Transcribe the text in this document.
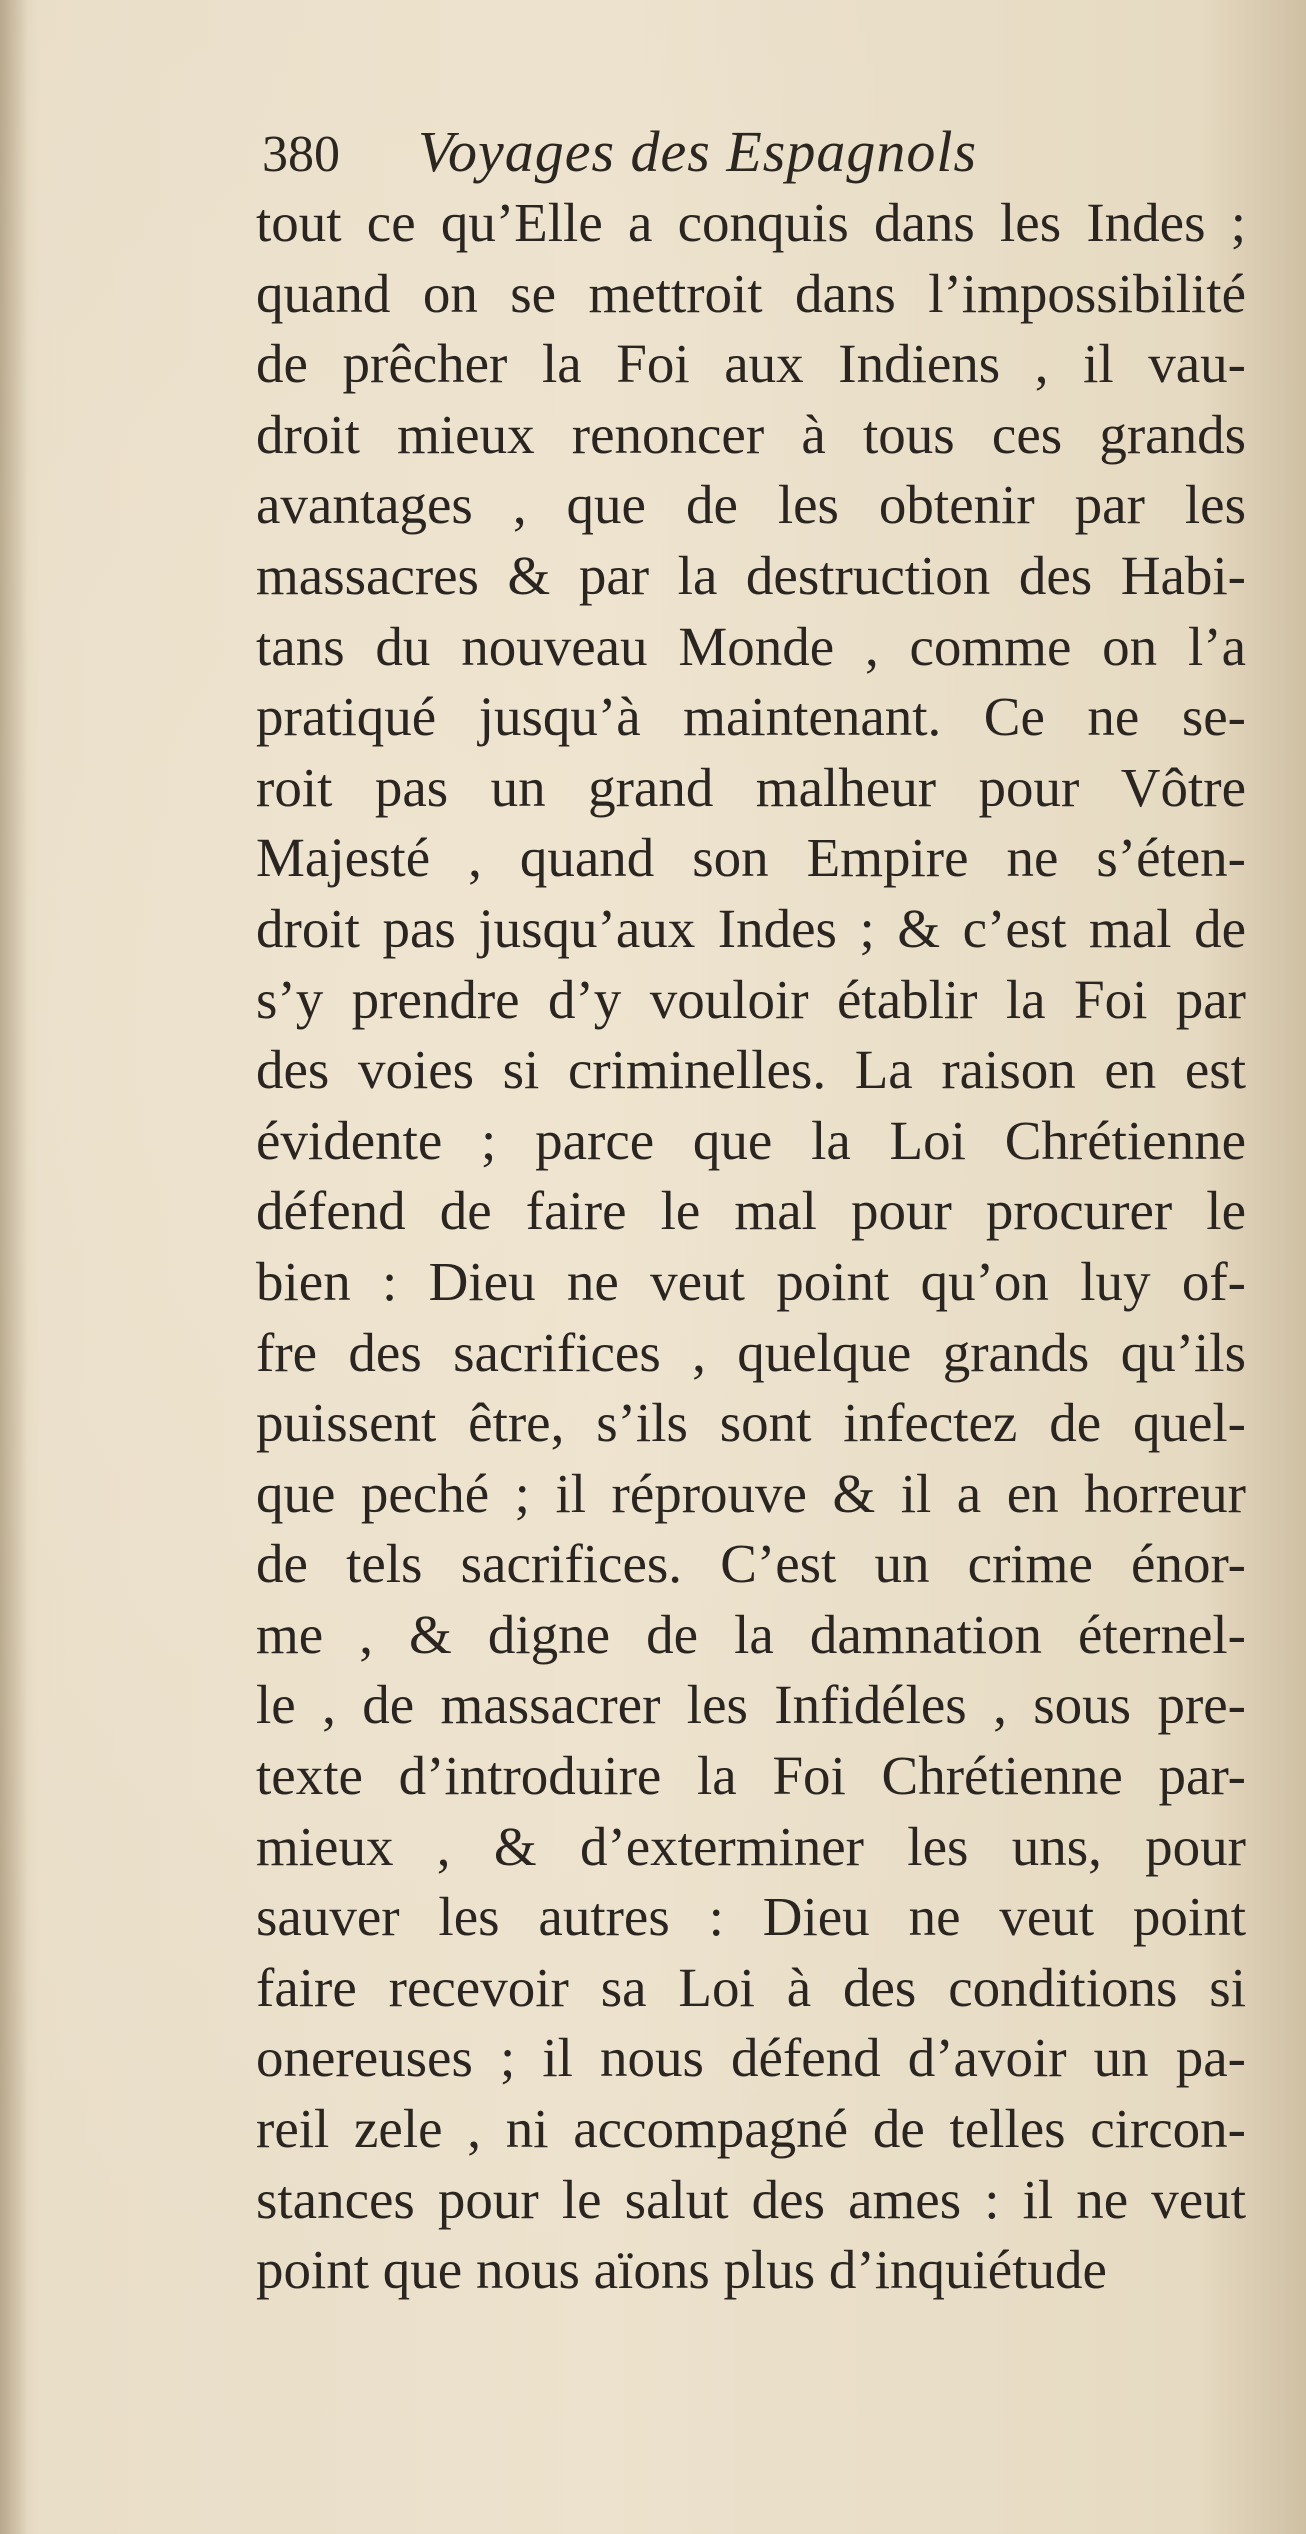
380 Voyages des Espagnols
tout ce qu’Elle a conquis dans les Indes ;
quand on se mettroit dans l’impossibilité
de prêcher la Foi aux Indiens , il vau-
droit mieux renoncer à tous ces grands
avantages , que de les obtenir par les
massacres & par la destruction des Habi-
tans du nouveau Monde , comme on l’a
pratiqué jusqu’à maintenant. Ce ne se-
roit pas un grand malheur pour Vôtre
Majesté , quand son Empire ne s’éten-
droit pas jusqu’aux Indes ; & c’est mal de
s’y prendre d’y vouloir établir la Foi par
des voies si criminelles. La raison en est
évidente ; parce que la Loi Chrétienne
défend de faire le mal pour procurer le
bien : Dieu ne veut point qu’on luy of-
fre des sacrifices , quelque grands qu’ils
puissent être, s’ils sont infectez de quel-
que peché ; il réprouve & il a en horreur
de tels sacrifices. C’est un crime énor-
me , & digne de la damnation éternel-
le , de massacrer les Infidéles , sous pre-
texte d’introduire la Foi Chrétienne par-
mieux , & d’exterminer les uns, pour
sauver les autres : Dieu ne veut point
faire recevoir sa Loi à des conditions si
onereuses ; il nous défend d’avoir un pa-
reil zele , ni accompagné de telles circon-
stances pour le salut des ames : il ne veut
point que nous aïons plus d’inquiétude
